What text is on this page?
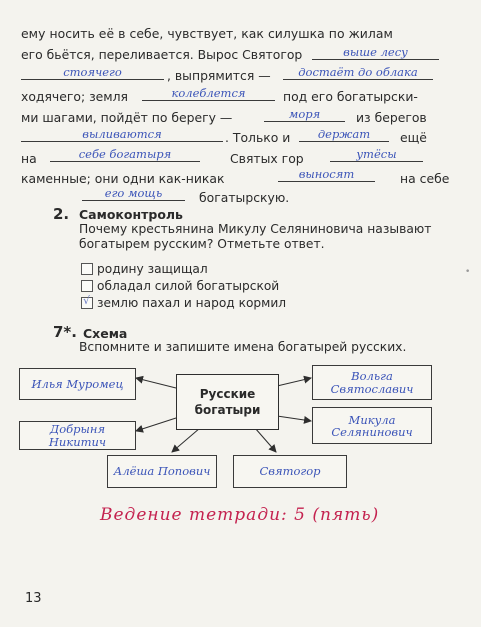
ему носить её в себе, чувствует, как силушка по жилам
его бьётся, переливается. Вырос Святогор	выше лесу
стоячего	, выпрямится —	достаёт до облака
ходячего; земля	колеблется	под его богатырски-
ми шагами, пойдёт по берегу —	моря	из берегов
выливаются	. Только и	держат	ещё
на	себе богатыря	Святых гор	утёсы
каменные; они одни как-никак	выносят	на себе
его мощь	богатырскую.
2. Самоконтроль
Почему крестьянина Микулу Селяниновича называют
богатырем русским? Отметьте ответ.
родину защищал
обладал силой богатырской
√ землю пахал и народ кормил
•
7*. Схема
Вспомните и запишите имена богатырей русских.
Русские
богатыри
Илья Муромец
Добрыня Никитич
Алёша Попович	Святогор
Вольга Святославич
Микула Селянинович
Ведение тетради: 5 (пять)
13
